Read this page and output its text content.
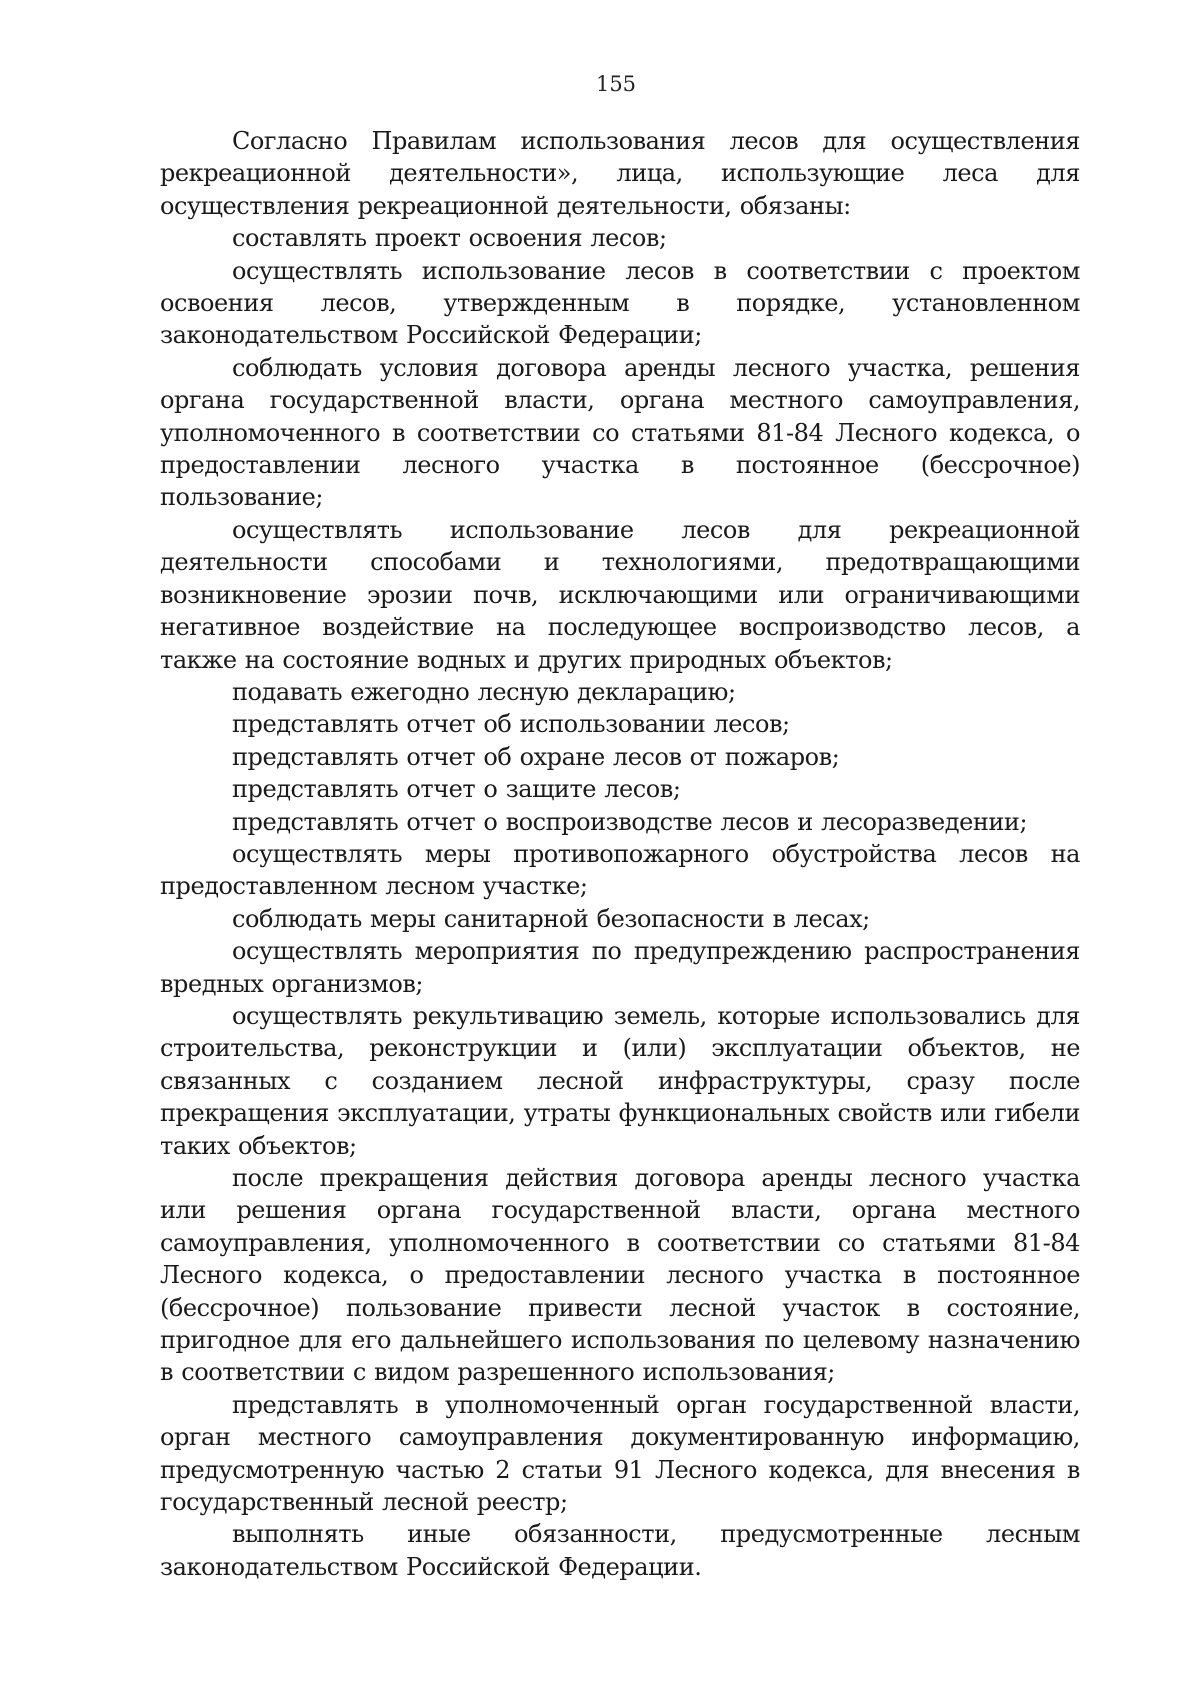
155

Согласно Правилам использования лесов для осуществления рекреационной деятельности», лица, использующие леса для осуществления рекреационной деятельности, обязаны:

составлять проект освоения лесов;

осуществлять использование лесов в соответствии с проектом освоения лесов, утвержденным в порядке, установленном законодательством Российской Федерации;

соблюдать условия договора аренды лесного участка, решения органа государственной власти, органа местного самоуправления, уполномоченного в соответствии со статьями 81-84 Лесного кодекса, о предоставлении лесного участка в постоянное (бессрочное) пользование;

осуществлять использование лесов для рекреационной деятельности способами и технологиями, предотвращающими возникновение эрозии почв, исключающими или ограничивающими негативное воздействие на последующее воспроизводство лесов, а также на состояние водных и других природных объектов;

подавать ежегодно лесную декларацию;

представлять отчет об использовании лесов;

представлять отчет об охране лесов от пожаров;

представлять отчет о защите лесов;

представлять отчет о воспроизводстве лесов и лесоразведении;

осуществлять меры противопожарного обустройства лесов на предоставленном лесном участке;

соблюдать меры санитарной безопасности в лесах;

осуществлять мероприятия по предупреждению распространения вредных организмов;

осуществлять рекультивацию земель, которые использовались для строительства, реконструкции и (или) эксплуатации объектов, не связанных с созданием лесной инфраструктуры, сразу после прекращения эксплуатации, утраты функциональных свойств или гибели таких объектов;

после прекращения действия договора аренды лесного участка или решения органа государственной власти, органа местного самоуправления, уполномоченного в соответствии со статьями 81-84 Лесного кодекса, о предоставлении лесного участка в постоянное (бессрочное) пользование привести лесной участок в состояние, пригодное для его дальнейшего использования по целевому назначению в соответствии с видом разрешенного использования;

представлять в уполномоченный орган государственной власти, орган местного самоуправления документированную информацию, предусмотренную частью 2 статьи 91 Лесного кодекса, для внесения в государственный лесной реестр;

выполнять иные обязанности, предусмотренные лесным законодательством Российской Федерации.
